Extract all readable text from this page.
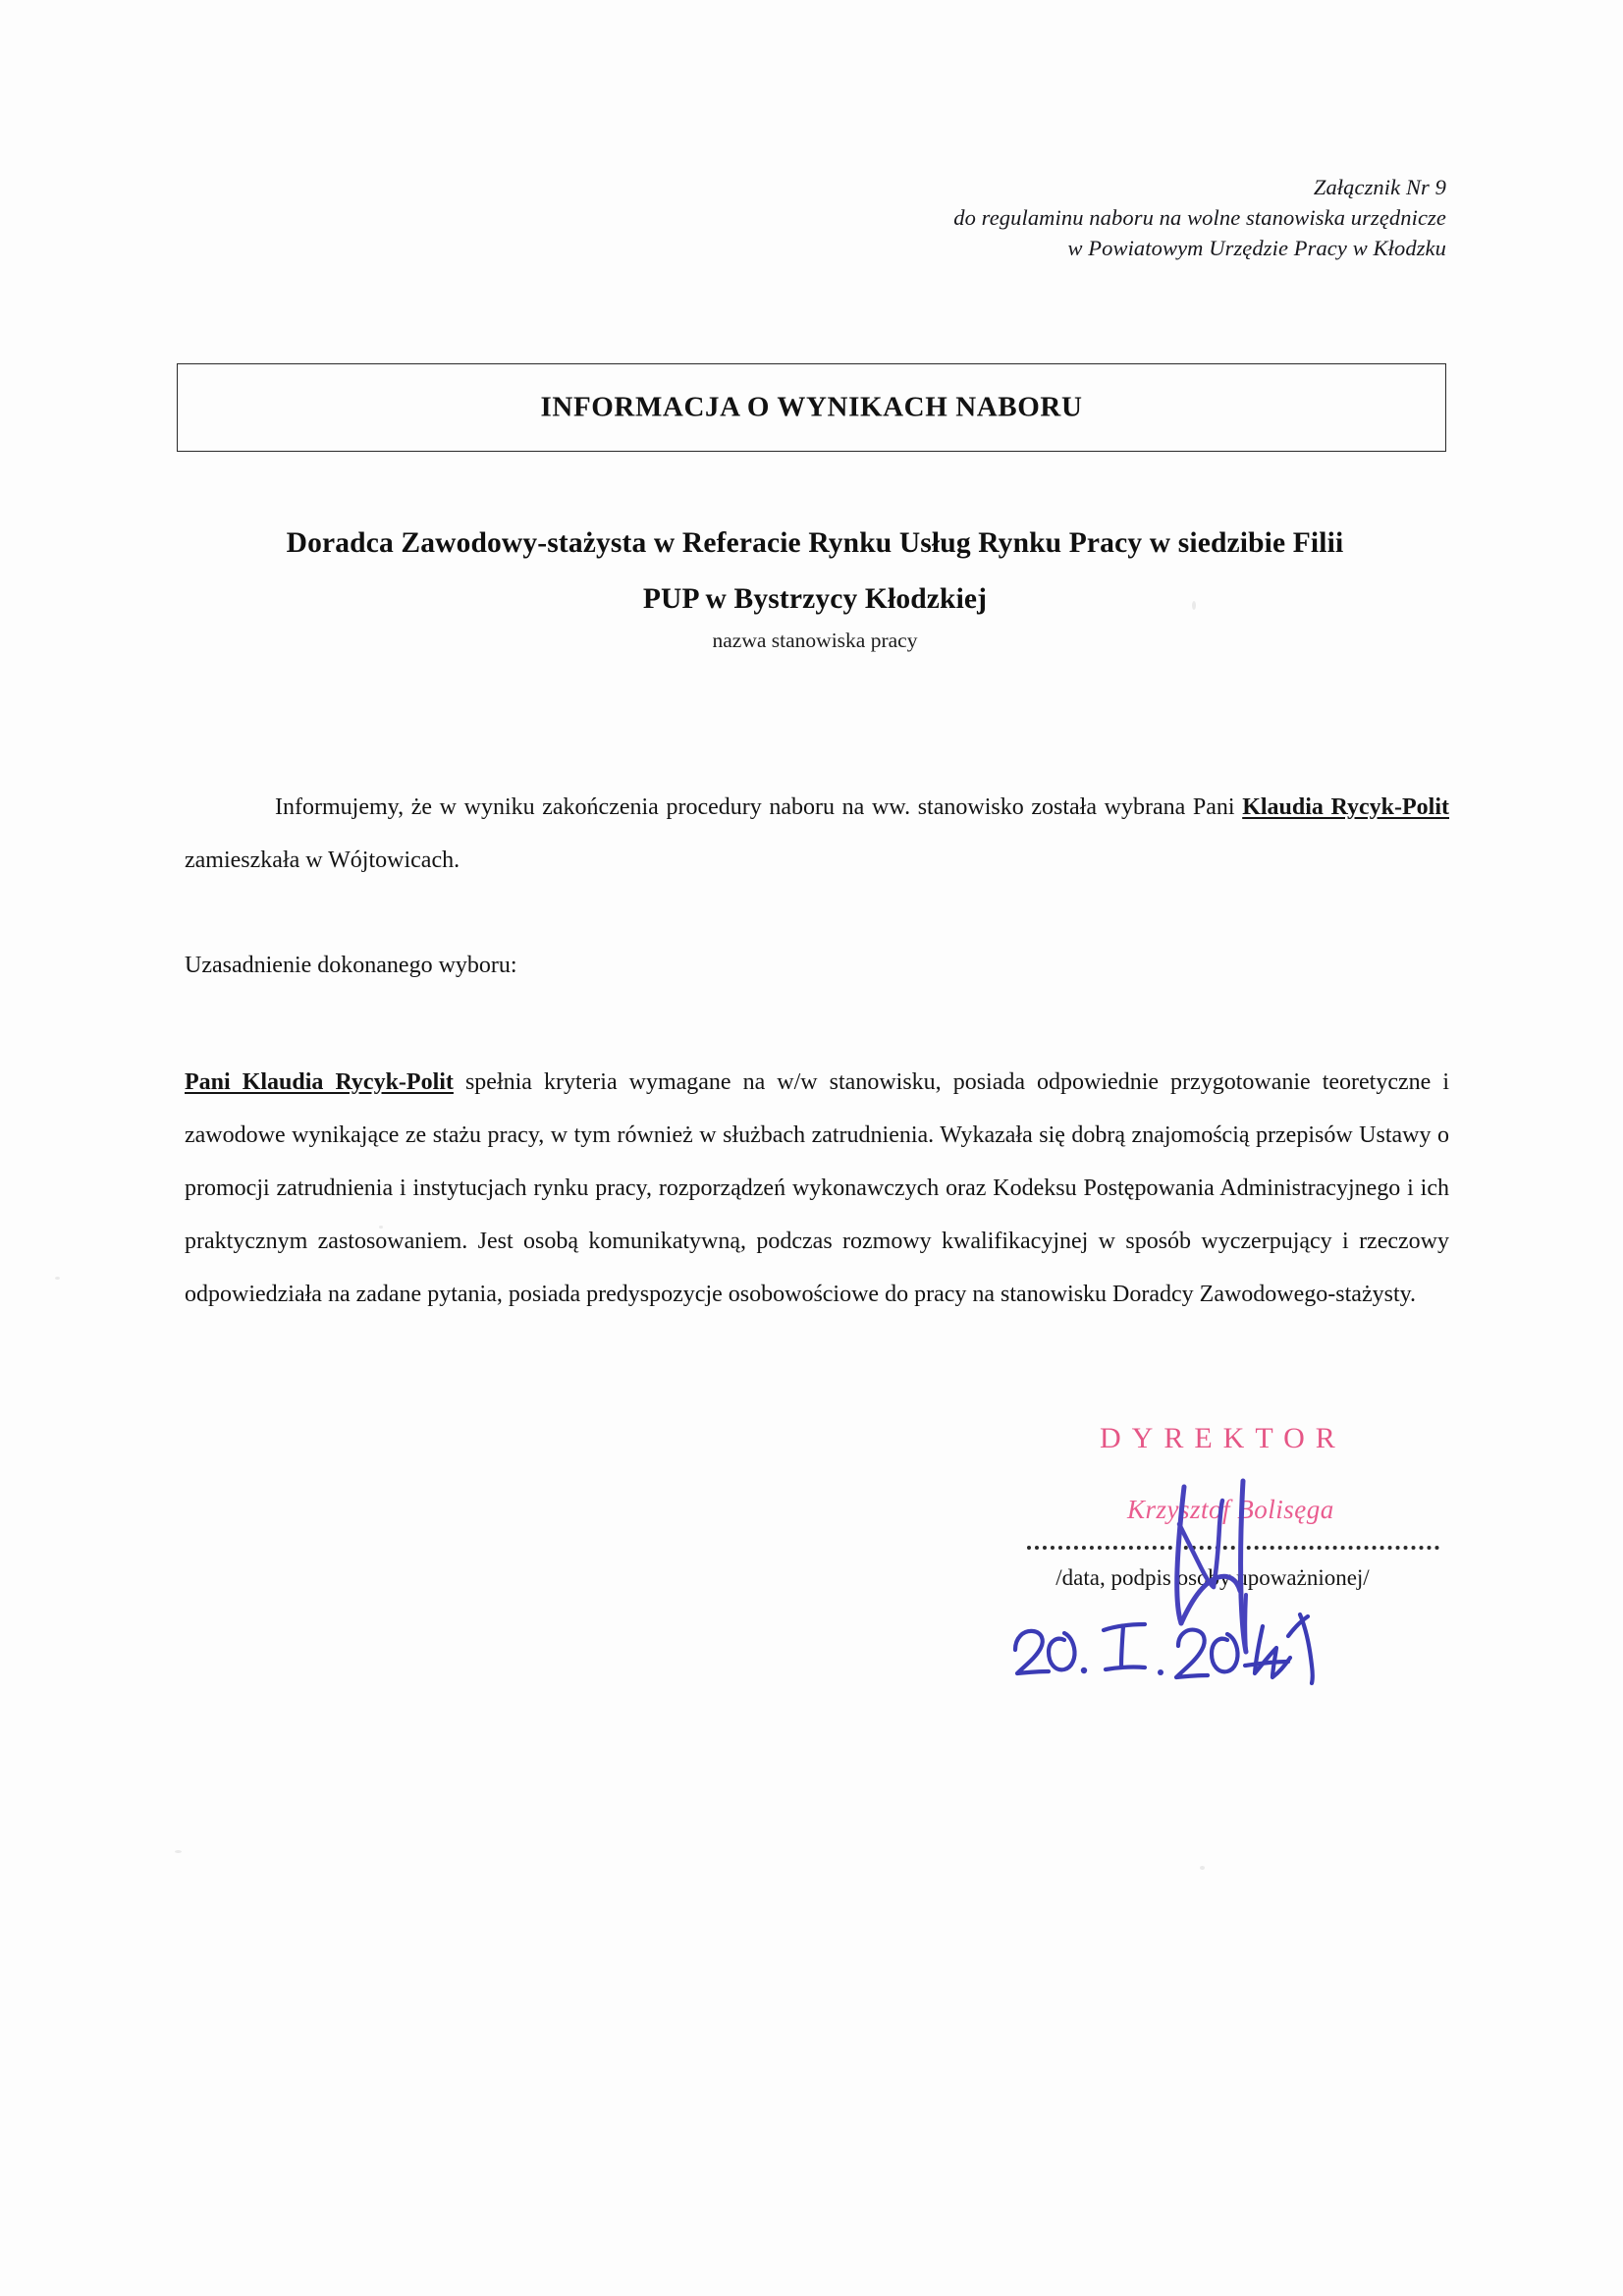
Załącznik Nr 9
do regulaminu naboru na wolne stanowiska urzędnicze
w Powiatowym Urzędzie Pracy w Kłodzku
INFORMACJA O WYNIKACH NABORU
Doradca Zawodowy-stażysta w Referacie Rynku Usług Rynku Pracy w siedzibie Filii
PUP w Bystrzycy Kłodzkiej
nazwa stanowiska pracy
Informujemy, że w wyniku zakończenia procedury naboru na ww. stanowisko została wybrana Pani Klaudia Rycyk-Polit zamieszkała w Wójtowicach.
Uzasadnienie dokonanego wyboru:
Pani Klaudia Rycyk-Polit spełnia kryteria wymagane na w/w stanowisku, posiada odpowiednie przygotowanie teoretyczne i zawodowe wynikające ze stażu pracy, w tym również w służbach zatrudnienia. Wykazała się dobrą znajomością przepisów Ustawy o promocji zatrudnienia i instytucjach rynku pracy, rozporządzeń wykonawczych oraz Kodeksu Postępowania Administracyjnego i ich praktycznym zastosowaniem. Jest osobą komunikatywną, podczas rozmowy kwalifikacyjnej w sposób wyczerpujący i rzeczowy odpowiedziała na zadane pytania, posiada predyspozycje osobowościowe do pracy na stanowisku Doradcy Zawodowego-stażysty.
DYREKTOR
Krzysztof Bolisęga
/data, podpis osoby upoważnionej/
